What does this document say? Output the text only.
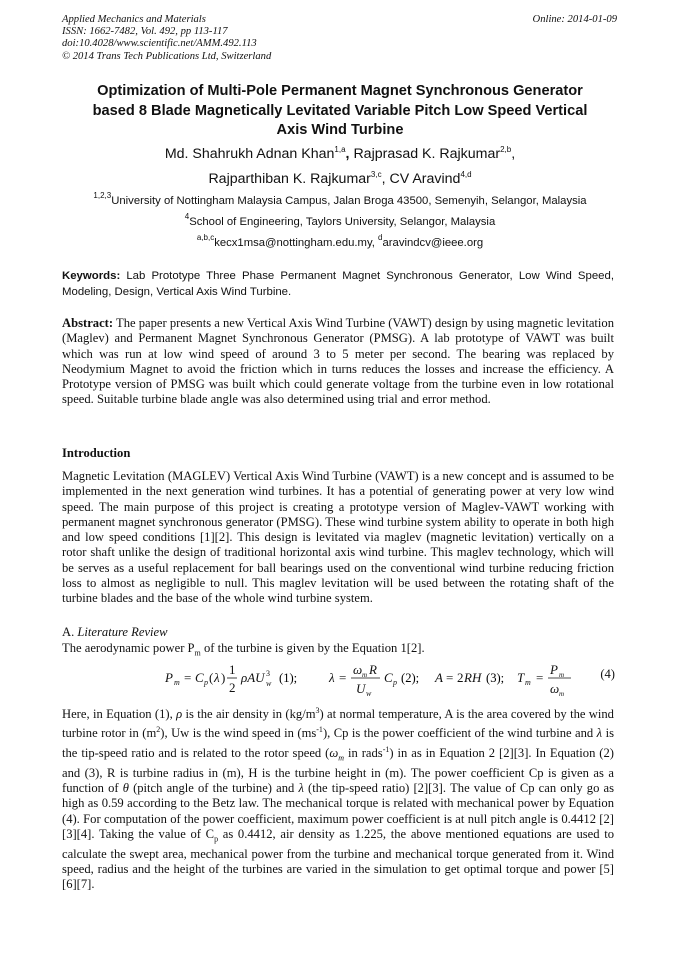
Applied Mechanics and Materials
ISSN: 1662-7482, Vol. 492, pp 113-117
doi:10.4028/www.scientific.net/AMM.492.113
© 2014 Trans Tech Publications Ltd, Switzerland
Online: 2014-01-09
Optimization of Multi-Pole Permanent Magnet Synchronous Generator
based 8 Blade Magnetically Levitated Variable Pitch Low Speed Vertical
Axis Wind Turbine
Md. Shahrukh Adnan Khan$^{1,a}$, Rajprasad K. Rajkumar$^{2,b}$,
Rajparthiban K. Rajkumar$^{3,c}$, CV Aravind$^{4,d}$
$^{1,2,3}$University of Nottingham Malaysia Campus, Jalan Broga 43500, Semenyih, Selangor, Malaysia
$^4$School of Engineering, Taylors University, Selangor, Malaysia
$^{a,b,c}$kecx1msa@nottingham.edu.my, $^d$aravindcv@ieee.org
Keywords: Lab Prototype Three Phase Permanent Magnet Synchronous Generator, Low Wind Speed, Modeling, Design, Vertical Axis Wind Turbine.
Abstract: The paper presents a new Vertical Axis Wind Turbine (VAWT) design by using magnetic levitation (Maglev) and Permanent Magnet Synchronous Generator (PMSG). A lab prototype of VAWT was built which was run at low wind speed of around 3 to 5 meter per second. The bearing was replaced by Neodymium Magnet to avoid the friction which in turns reduces the losses and increase the efficiency. A Prototype version of PMSG was built which could generate voltage from the turbine even in low rotational speed. Suitable turbine blade angle was also determined using trial and error method.
Introduction
Magnetic Levitation (MAGLEV) Vertical Axis Wind Turbine (VAWT) is a new concept and is assumed to be implemented in the next generation wind turbines. It has a potential of generating power at very low wind speed. The main purpose of this project is creating a prototype version of Maglev-VAWT working with permanent magnet synchronous generator (PMSG). These wind turbine system ability to operate in both high and low speed conditions [1][2]. This design is levitated via maglev (magnetic levitation) vertically on a rotor shaft unlike the design of traditional horizontal axis wind turbine. This maglev technology, which will be serves as a useful replacement for ball bearings used on the conventional wind turbine reducing friction loss to almost as negligible to null. This maglev levitation will be used between the rotating shaft of the turbine blades and the base of the whole wind turbine system.
A. Literature Review
The aerodynamic power $P_m$ of the turbine is given by the Equation 1[2].
P m = C p ( λ )
1
2
ρAU 3
w	λ =
ω m R
U w
C p	A = 2 RH	T m =
P m
ω m
(1);	(2);	(3);	(4)
Here, in Equation (1), ρ is the air density in $(kg/m^3)$ at normal temperature, A is the area covered by the wind turbine rotor in $(m^2)$, Uw is the wind speed in $(ms^{-1})$, Cp is the power coefficient of the wind turbine and λ is the tip-speed ratio and is related to the rotor speed ($\omega_m$ in rads$^{-1}$) in as in Equation 2 [2][3]. In Equation (2) and (3), R is turbine radius in (m), H is the turbine height in (m). The power coefficient Cp is given as a function of θ (pitch angle of the turbine) and λ (the tip-speed ratio) [2][3]. The value of Cp can only go as high as 0.59 according to the Betz law. The mechanical torque is related with mechanical power by Equation (4). For computation of the power coefficient, maximum power coefficient is at null pitch angle is 0.4412 [2][3][4]. Taking the value of $C_p$ as 0.4412, air density as 1.225, the above mentioned equations are used to calculate the swept area, mechanical power from the turbine and mechanical torque generated from it. Wind speed, radius and the height of the turbines are varied in the simulation to get optimal torque and power [5][6][7].
